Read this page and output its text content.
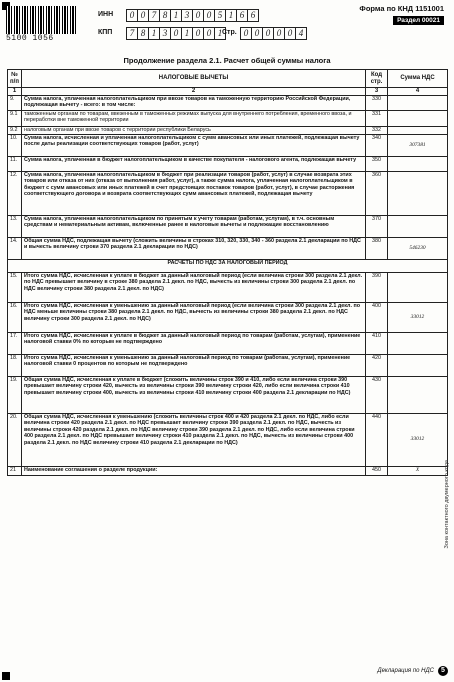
5100 1056
ИНН	0 0 7 8 1 3 0 0 5 1 6 6
КПП	7 8 1 3 0 1 0 0 1 Стр. 0 0 0 0 0 4
Форма по КНД 1151001
Раздел 00021
Продолжение раздела 2.1. Расчет общей суммы налога
№ п/п	НАЛОГОВЫЕ ВЫЧЕТЫ	Код стр.	Сумма НДС
1	2	3	4
9.	Сумма налога, уплаченная налогоплательщиком при ввозе товаров на таможенную территорию Российской Федерации, подлежащая вычету - всего: в том числе:	330	
9.1	таможенным органам по товарам, ввезенным в таможенных режимах выпуска для внутреннего потребления, временного ввоза, и переработки вне таможенной территории	331	
9.2	налоговым органам при ввозе товаров с территории республики Беларусь	332	
10.	Сумма налога, исчисленная и уплаченная налогоплательщиком с сумм авансовых или иных платежей, подлежащая вычету после даты реализации соответствующих товаров (работ, услуг)	340	307381
11.	Сумма налога, уплаченная в бюджет налогоплательщиком в качестве покупателя - налогового агента, подлежащая вычету	350	
12.	Сумма налога, уплаченная налогоплательщиком в бюджет при реализации товаров (работ, услуг) в случае возврата этих товаров или отказа от них (отказа от выполнения работ, услуг), а также сумма налога, уплаченная налогоплательщиком в бюджет с сумм авансовых или иных платежей в счет предстоящих поставок товаров (работ, услуг), в случае расторжения соответствующего договора и возврата соответствующих сумм авансовых платежей, подлежащая вычету	360	
13.	Сумма налога, уплаченная налогоплательщиком по принятым к учету товарам (работам, услугам), в т.ч. основным средствам и нематериальным активам, включенные ранее в налоговые вычеты и подлежащие восстановлению	370	
14.	Общая сумма НДС, подлежащая вычету (сложить величины в строках 310, 320, 330, 340 - 360 раздела 2.1 декларации по НДС и вычесть величину строки 370 раздела 2.1 декларации по НДС)	380	546230
РАСЧЕТЫ ПО НДС ЗА НАЛОГОВЫЙ ПЕРИОД			
15.	Итого сумма НДС, исчисленная к уплате в бюджет за данный налоговый период (если величина строки 300 раздела 2.1 декл. по НДС превышает величину в строке 380 раздела 2.1 декл. по НДС, вычесть из величины строки 300 раздела 2.1 декл. по НДС величину строки 380 раздела 2.1 декл. по НДС)	390	
16.	Итого сумма НДС, исчисленная к уменьшению за данный налоговый период (если величина строки 300 раздела 2.1 декл. по НДС меньше величины строки 380 раздела 2.1 декл. по НДС, вычесть из величины строки 380 раздела 2.1 декл. по НДС величину строки 300 раздела 2.1 декл. по НДС)	400	33012
17.	Итого сумма НДС, исчисленная к уплате в бюджет за данный налоговый период по товарам (работам, услугам), применение налоговой ставки 0% по которым не подтверждено	410	
18.	Итого сумма НДС, исчисленная к уменьшению за данный налоговый период по товарам (работам, услугам), применение налоговой ставки 0 процентов по которым не подтверждено	420	
19.	Общая сумма НДС, исчисленная к уплате в бюджет (сложить величины строк 390 и 410, либо если величина строки 390 превышает величину строки 420, вычесть из величины строки 390 величину строки 420, либо если величина строки 410 превышает величину строки 400, вычесть из величины строки 410 величину строки 400 раздела 2.1 декларации по НДС)	430	
20.	Общая сумма НДС, исчисленная к уменьшению (сложить величины строк 400 и 420 раздела 2.1 декл. по НДС, либо если величина строки 420 раздела 2.1 декл. по НДС превышает величину строки 390 раздела 2.1 декл. по НДС, вычесть из величины строки 420 раздела 2.1 декл. по НДС величину строки 390 раздела 2.1 декл. по НДС, либо если величина строки 400 раздела 2.1 декл. по НДС превышает величину строки 410 раздела 2.1 декл. по НДС, вычесть из величины строки 400 раздела 2.1 декл. по НДС величину строки 410 раздела 2.1 декларации по НДС)	440	33012
21	Наименование соглашения о разделе продукции:	450	X	Зона контактного двумерного кода
Декларация по НДС	5
